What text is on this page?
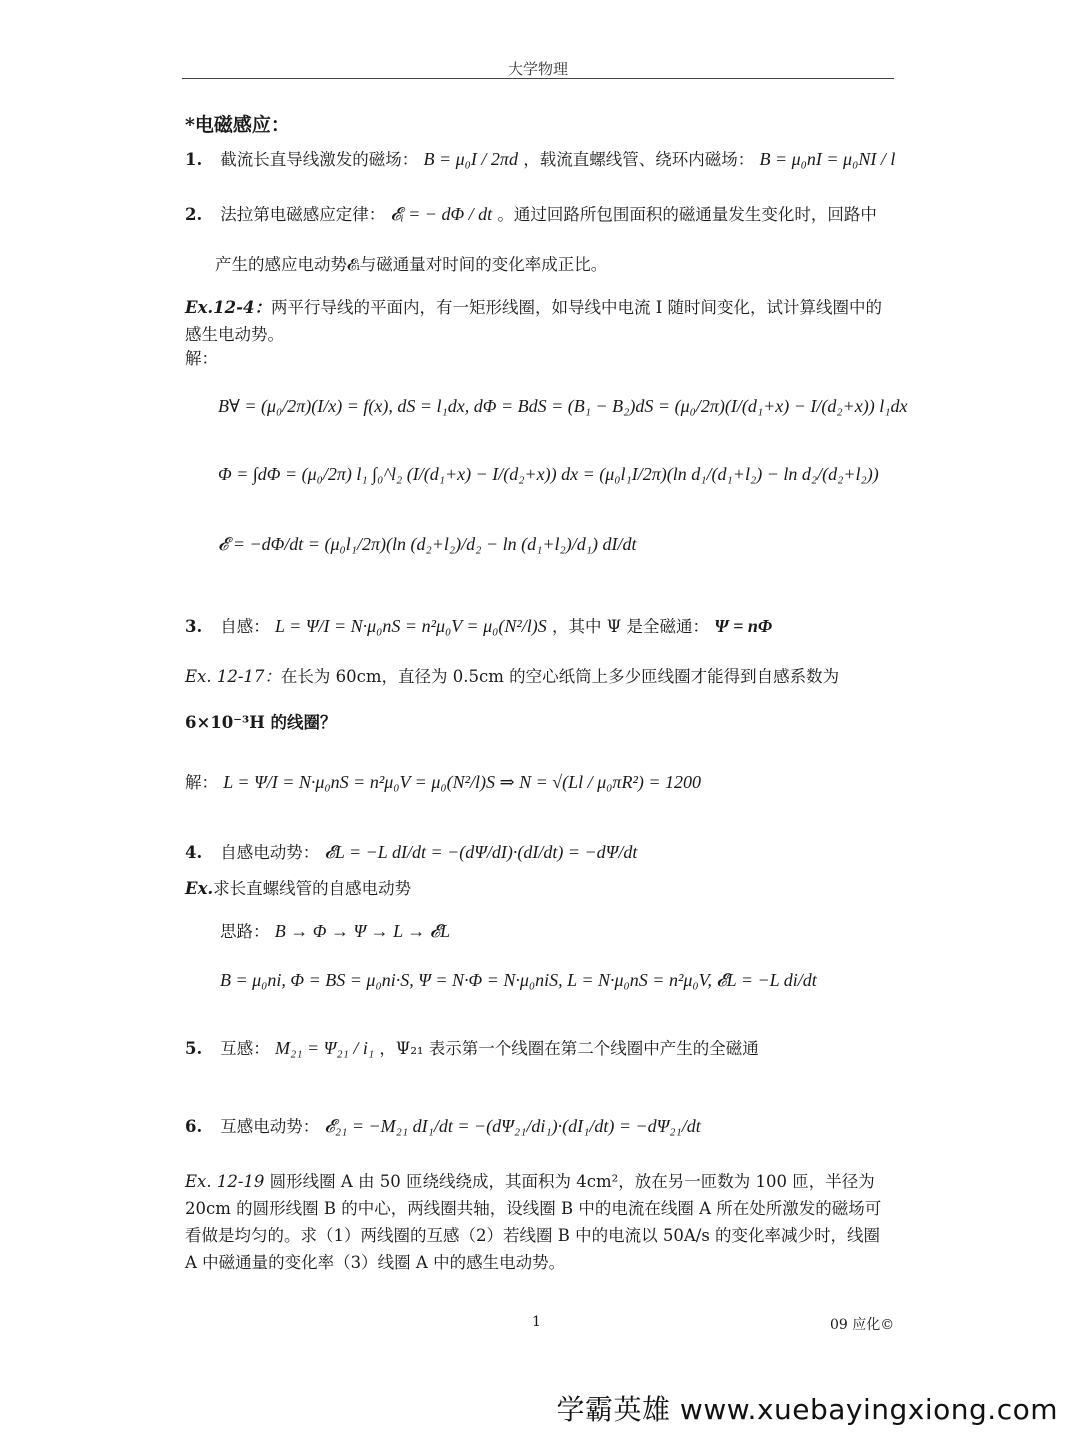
大学物理
*电磁感应：
1. 截流长直导线激发的磁场： B = μ₀I / 2πd ，载流直螺线管、绕环内磁场： B = μ₀nI = μ₀NI / l
2. 法拉第电磁感应定律： 𝓔ᵢ = − dΦ / dt 。通过回路所包围面积的磁通量发生变化时，回路中
产生的感应电动势𝓔ᵢ与磁通量对时间的变化率成正比。
Ex.12-4：两平行导线的平面内，有一矩形线圈，如导线中电流 I 随时间变化，试计算线圈中的感生电动势。
解：
B∀ = (μ₀/2π)(I/x) = f(x), dS = l₁dx, dΦ = BdS = (B₁ − B₂)dS = (μ₀/2π)(I/(d₁+x) − I/(d₂+x)) l₁dx
Φ = ∫dΦ = (μ₀/2π) l₁ ∫₀^l₂ (I/(d₁+x) − I/(d₂+x)) dx = (μ₀l₁I/2π)(ln d₁/(d₁+l₂) − ln d₂/(d₂+l₂))
𝓔 = −dΦ/dt = (μ₀l₁/2π)(ln (d₂+l₂)/d₂ − ln (d₁+l₂)/d₁) dI/dt
3. 自感： L = Ψ/I = N·μ₀nS = n²μ₀V = μ₀(N²/l)S ，其中 Ψ 是全磁通： Ψ = nΦ
Ex. 12-17：在长为 60cm，直径为 0.5cm 的空心纸筒上多少匝线圈才能得到自感系数为
6×10⁻³H 的线圈？
解： L = Ψ/I = N·μ₀nS = n²μ₀V = μ₀(N²/l)S ⇒ N = √(Ll / μ₀πR²) = 1200
4. 自感电动势： 𝓔L = −L dI/dt = −(dΨ/dI)·(dI/dt) = −dΨ/dt
Ex.求长直螺线管的自感电动势
思路： B → Φ → Ψ → L → 𝓔L
B = μ₀ni, Φ = BS = μ₀ni·S, Ψ = N·Φ = N·μ₀niS, L = N·μ₀nS = n²μ₀V, 𝓔L = −L di/dt
5. 互感： M₂₁ = Ψ₂₁ / i₁ ，Ψ₂₁ 表示第一个线圈在第二个线圈中产生的全磁通
6. 互感电动势： 𝓔₂₁ = −M₂₁ dI₁/dt = −(dΨ₂₁/di₁)·(dI₁/dt) = −dΨ₂₁/dt
Ex. 12-19 圆形线圈 A 由 50 匝绕线绕成，其面积为 4cm²，放在另一匝数为 100 匝，半径为 20cm 的圆形线圈 B 的中心，两线圈共轴，设线圈 B 中的电流在线圈 A 所在处所激发的磁场可看做是均匀的。求（1）两线圈的互感（2）若线圈 B 中的电流以 50A/s 的变化率减少时，线圈 A 中磁通量的变化率（3）线圈 A 中的感生电动势。
1	09 应化©
学霸英雄 www.xuebayingxiong.com
